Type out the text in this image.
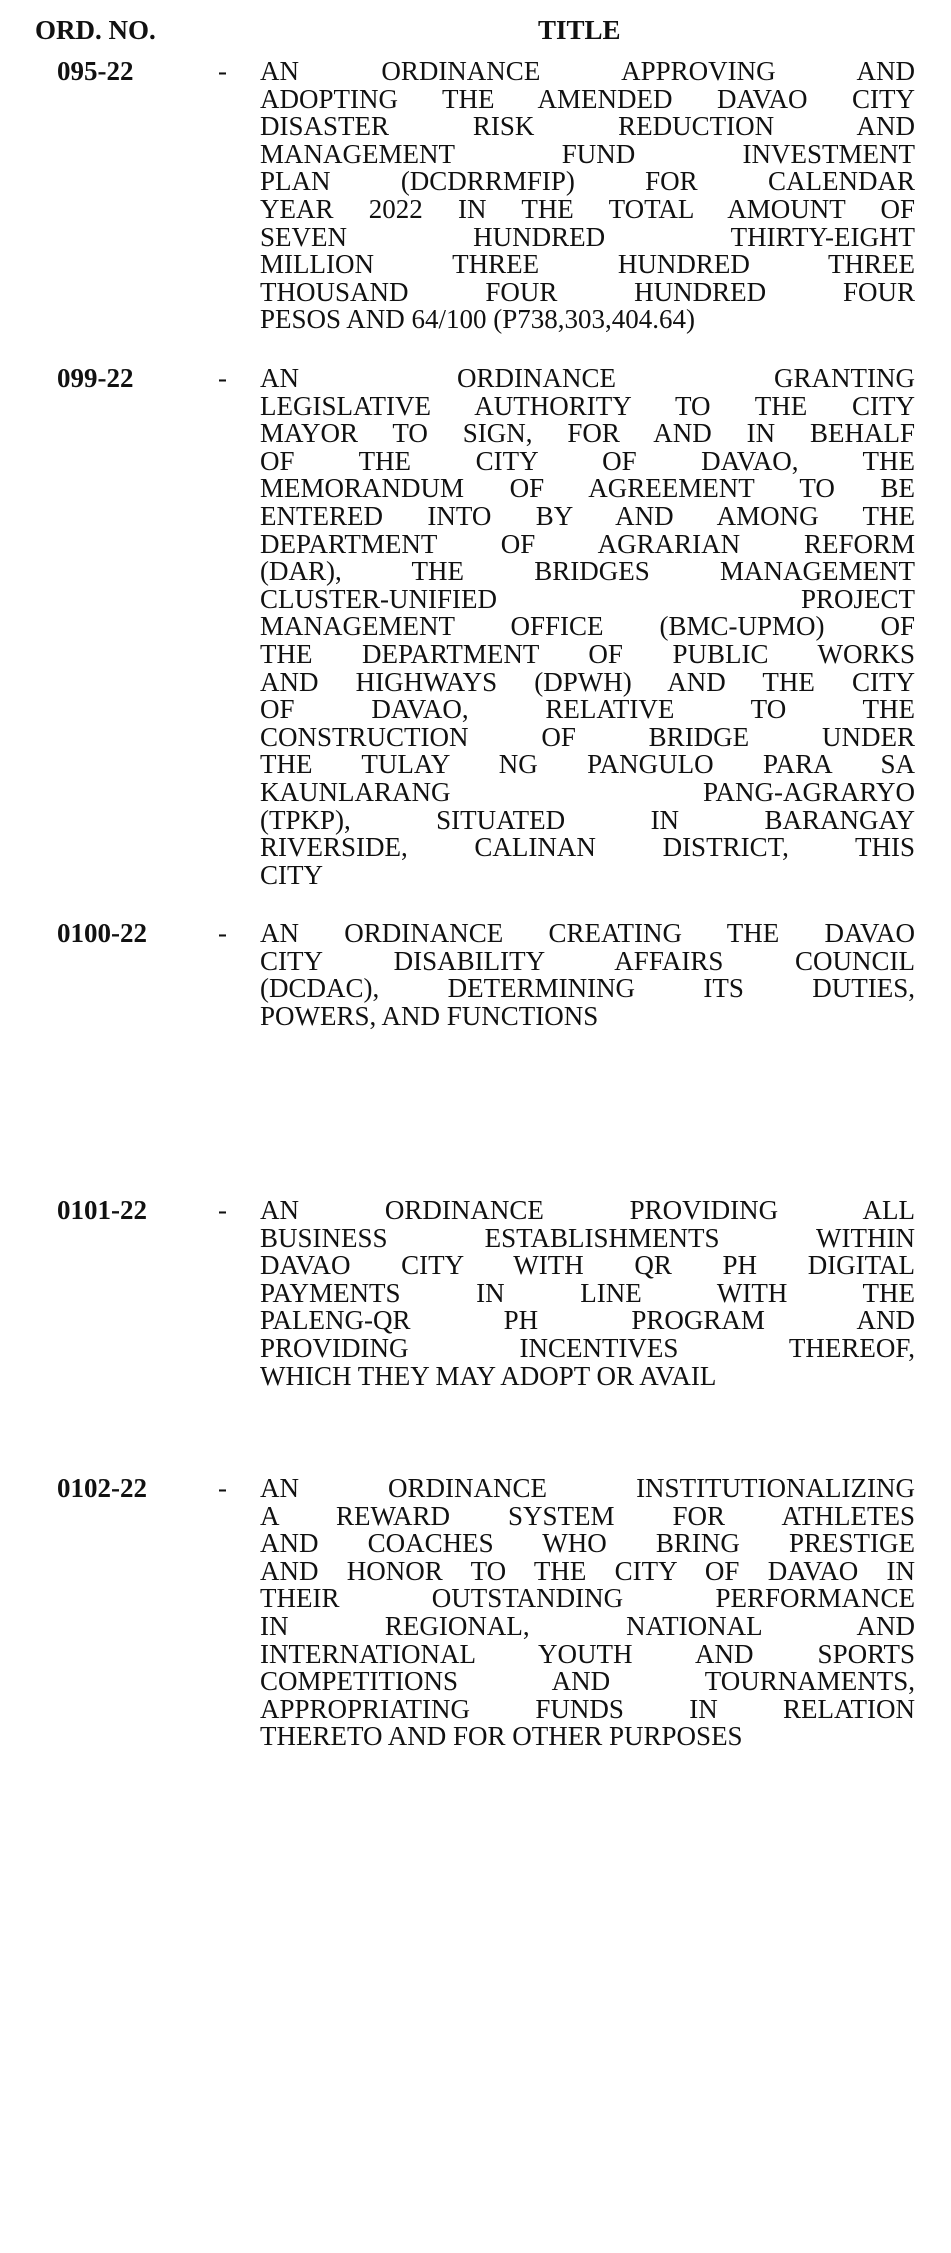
ORD. NO.	TITLE
095-22	- AN ORDINANCE APPROVING AND
ADOPTING THE AMENDED DAVAO CITY
DISASTER RISK REDUCTION AND
MANAGEMENT FUND INVESTMENT
PLAN (DCDRRMFIP) FOR CALENDAR
YEAR 2022 IN THE TOTAL AMOUNT OF
SEVEN HUNDRED THIRTY-EIGHT
MILLION THREE HUNDRED THREE
THOUSAND FOUR HUNDRED FOUR
PESOS AND 64/100 (P738,303,404.64)
099-22	- AN ORDINANCE GRANTING
LEGISLATIVE AUTHORITY TO THE CITY
MAYOR TO SIGN, FOR AND IN BEHALF
OF THE CITY OF DAVAO, THE
MEMORANDUM OF AGREEMENT TO BE
ENTERED INTO BY AND AMONG THE
DEPARTMENT OF AGRARIAN REFORM
(DAR), THE BRIDGES MANAGEMENT
CLUSTER-UNIFIED PROJECT
MANAGEMENT OFFICE (BMC-UPMO) OF
THE DEPARTMENT OF PUBLIC WORKS
AND HIGHWAYS (DPWH) AND THE CITY
OF DAVAO, RELATIVE TO THE
CONSTRUCTION OF BRIDGE UNDER
THE TULAY NG PANGULO PARA SA
KAUNLARANG PANG-AGRARYO
(TPKP), SITUATED IN BARANGAY
RIVERSIDE, CALINAN DISTRICT, THIS
CITY
0100-22	- AN ORDINANCE CREATING THE DAVAO
CITY DISABILITY AFFAIRS COUNCIL
(DCDAC), DETERMINING ITS DUTIES,
POWERS, AND FUNCTIONS
0101-22	- AN ORDINANCE PROVIDING ALL
BUSINESS ESTABLISHMENTS WITHIN
DAVAO CITY WITH QR PH DIGITAL
PAYMENTS IN LINE WITH THE
PALENG-QR PH PROGRAM AND
PROVIDING INCENTIVES THEREOF,
WHICH THEY MAY ADOPT OR AVAIL
0102-22	- AN ORDINANCE INSTITUTIONALIZING
A REWARD SYSTEM FOR ATHLETES
AND COACHES WHO BRING PRESTIGE
AND HONOR TO THE CITY OF DAVAO IN
THEIR OUTSTANDING PERFORMANCE
IN REGIONAL, NATIONAL AND
INTERNATIONAL YOUTH AND SPORTS
COMPETITIONS AND TOURNAMENTS,
APPROPRIATING FUNDS IN RELATION
THERETO AND FOR OTHER PURPOSES
